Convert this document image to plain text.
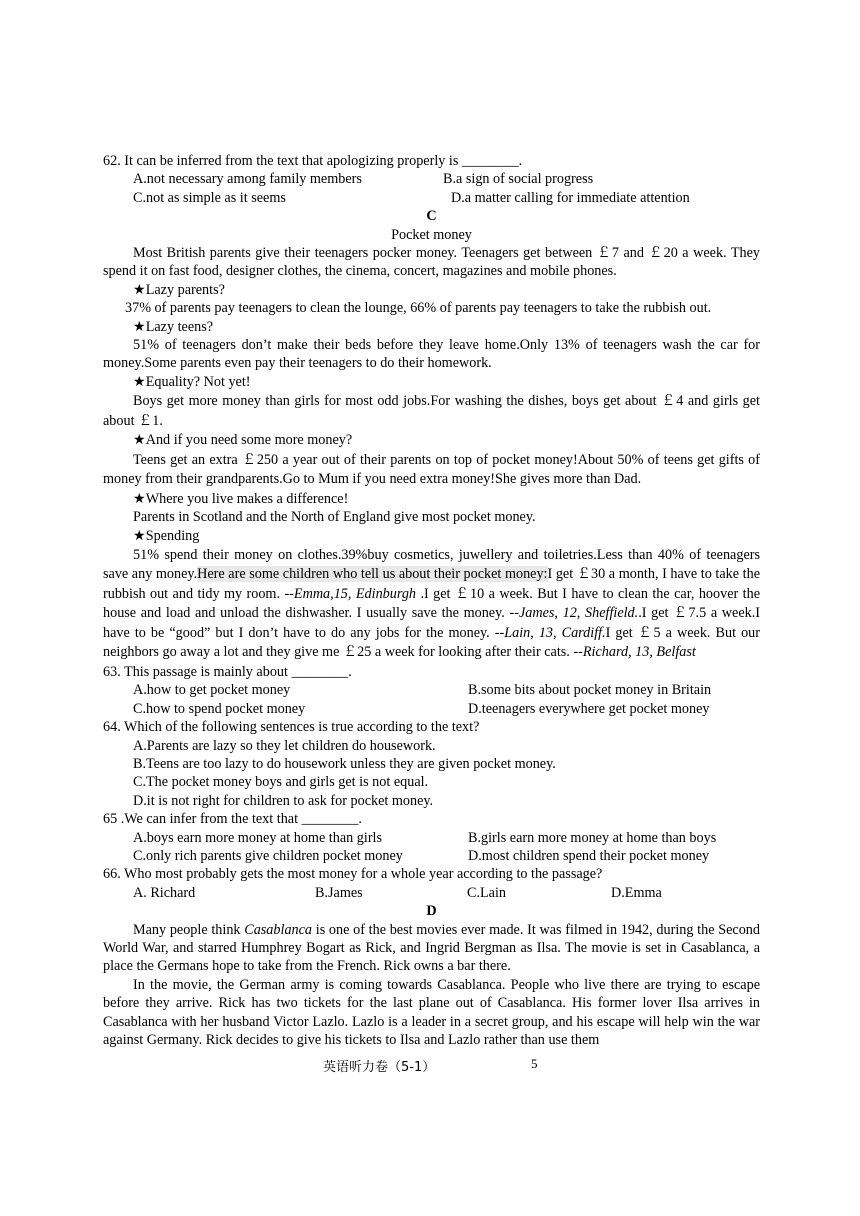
62. It can be inferred from the text that apologizing properly is ________.

A.not necessary among family members	B.a sign of social progress
C.not as simple as it seems	D.a matter calling for immediate attention

C

Pocket money

Most British parents give their teenagers pocker money. Teenagers get between ￡7 and ￡20 a week. They spend it on fast food, designer clothes, the cinema, concert, magazines and mobile phones.

★Lazy parents?

37% of parents pay teenagers to clean the lounge, 66% of parents pay teenagers to take the rubbish out.

★Lazy teens?

51% of teenagers don’t make their beds before they leave home.Only 13% of teenagers wash the car for money.Some parents even pay their teenagers to do their homework.

★Equality? Not yet!

Boys get more money than girls for most odd jobs.For washing the dishes, boys get about ￡4 and girls get about ￡1.

★And if you need some more money?

Teens get an extra ￡250 a year out of their parents on top of pocket money!About 50% of teens get gifts of money from their grandparents.Go to Mum if you need extra money!She gives more than Dad.

★Where you live makes a difference!

Parents in Scotland and the North of England give most pocket money.

★Spending

51% spend their money on clothes.39%buy cosmetics, juwellery and toiletries.Less than 40% of teenagers save any money.Here are some children who tell us about their pocket money:I get ￡30 a month, I have to take the rubbish out and tidy my room. --Emma,15, Edinburgh .I get ￡10 a week. But I have to clean the car, hoover the house and load and unload the dishwasher. I usually save the money. --James, 12, Sheffield..I get ￡7.5 a week.I have to be “good” but I don’t have to do any jobs for the money. --Lain, 13, Cardiff.I get ￡5 a week. But our neighbors go away a lot and they give me ￡25 a week for looking after their cats. --Richard, 13, Belfast

63. This passage is mainly about ________.

A.how to get pocket money	B.some bits about pocket money in Britain
C.how to spend pocket money	D.teenagers everywhere get pocket money

64. Which of the following sentences is true according to the text?

A.Parents are lazy so they let children do housework.

B.Teens are too lazy to do housework unless they are given pocket money.

C.The pocket money boys and girls get is not equal.

D.it is not right for children to ask for pocket money.

65 .We can infer from the text that ________.

A.boys earn more money at home than girls	B.girls earn more money at home than boys
C.only rich parents give children pocket money	D.most children spend their pocket money

66. Who most probably gets the most money for a whole year according to the passage?

A. Richard	B.James	C.Lain	D.Emma

D

Many people think Casablanca is one of the best movies ever made. It was filmed in 1942, during the Second World War, and starred Humphrey Bogart as Rick, and Ingrid Bergman as Ilsa. The movie is set in Casablanca, a place the Germans hope to take from the French. Rick owns a bar there.

In the movie, the German army is coming towards Casablanca. People who live there are trying to escape before they arrive. Rick has two tickets for the last plane out of Casablanca. His former lover Ilsa arrives in Casablanca with her husband Victor Lazlo. Lazlo is a leader in a secret group, and his escape will help win the war against Germany. Rick decides to give his tickets to Ilsa and Lazlo rather than use them

英语听力卷（5-1）	5
